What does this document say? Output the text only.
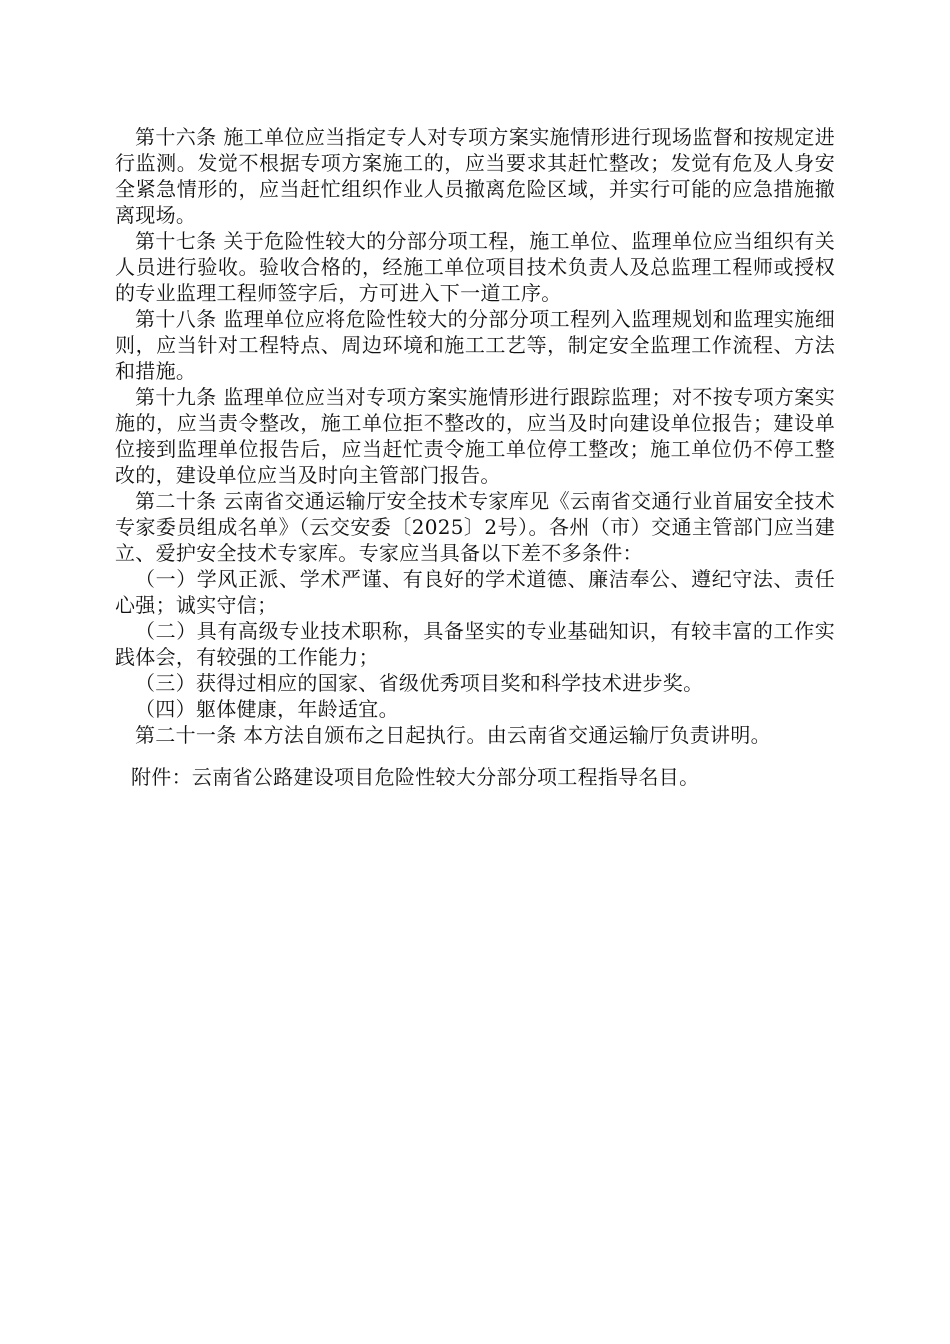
第十六条 施工单位应当指定专人对专项方案实施情形进行现场监督和按规定进行监测。发觉不根据专项方案施工的，应当要求其赶忙整改；发觉有危及人身安全紧急情形的，应当赶忙组织作业人员撤离危险区域，并实行可能的应急措施撤离现场。

第十七条 关于危险性较大的分部分项工程，施工单位、监理单位应当组织有关人员进行验收。验收合格的，经施工单位项目技术负责人及总监理工程师或授权的专业监理工程师签字后，方可进入下一道工序。

第十八条 监理单位应将危险性较大的分部分项工程列入监理规划和监理实施细则，应当针对工程特点、周边环境和施工工艺等，制定安全监理工作流程、方法和措施。

第十九条 监理单位应当对专项方案实施情形进行跟踪监理；对不按专项方案实施的，应当责令整改，施工单位拒不整改的，应当及时向建设单位报告；建设单位接到监理单位报告后，应当赶忙责令施工单位停工整改；施工单位仍不停工整改的，建设单位应当及时向主管部门报告。

第二十条 云南省交通运输厅安全技术专家库见《云南省交通行业首届安全技术专家委员组成名单》（云交安委〔2025〕2号）。各州（市）交通主管部门应当建立、爱护安全技术专家库。专家应当具备以下差不多条件：

（一）学风正派、学术严谨、有良好的学术道德、廉洁奉公、遵纪守法、责任心强；诚实守信；

（二）具有高级专业技术职称，具备坚实的专业基础知识，有较丰富的工作实践体会，有较强的工作能力；

（三）获得过相应的国家、省级优秀项目奖和科学技术进步奖。

（四）躯体健康，年龄适宜。

第二十一条 本方法自颁布之日起执行。由云南省交通运输厅负责讲明。

附件：云南省公路建设项目危险性较大分部分项工程指导名目。
